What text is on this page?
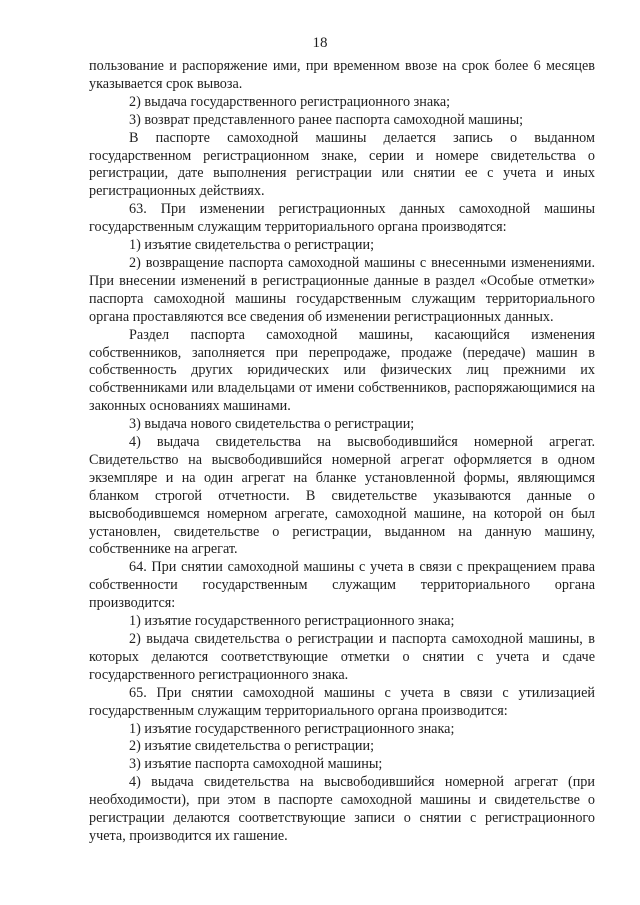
18

пользование и распоряжение ими, при временном ввозе на срок более 6 месяцев указывается срок вывоза.

2) выдача государственного регистрационного знака;

3) возврат представленного ранее паспорта самоходной машины;

В паспорте самоходной машины делается запись о выданном государственном регистрационном знаке, серии и номере свидетельства о регистрации, дате выполнения регистрации или снятии ее с учета и иных регистрационных действиях.

63. При изменении регистрационных данных самоходной машины государственным служащим территориального органа производятся:

1) изъятие свидетельства о регистрации;

2) возвращение паспорта самоходной машины с внесенными изменениями. При внесении изменений в регистрационные данные в раздел «Особые отметки» паспорта самоходной машины государственным служащим территориального органа проставляются все сведения об изменении регистрационных данных.

Раздел паспорта самоходной машины, касающийся изменения собственников, заполняется при перепродаже, продаже (передаче) машин в собственность других юридических или физических лиц прежними их собственниками или владельцами от имени собственников, распоряжающимися на законных основаниях машинами.

3) выдача нового свидетельства о регистрации;

4) выдача свидетельства на высвободившийся номерной агрегат. Свидетельство на высвободившийся номерной агрегат оформляется в одном экземпляре и на один агрегат на бланке установленной формы, являющимся бланком строгой отчетности. В свидетельстве указываются данные о высвободившемся номерном агрегате, самоходной машине, на которой он был установлен, свидетельстве о регистрации, выданном на данную машину, собственнике на агрегат.

64. При снятии самоходной машины с учета в связи с прекращением права собственности государственным служащим территориального органа производится:

1) изъятие государственного регистрационного знака;

2) выдача свидетельства о регистрации и паспорта самоходной машины, в которых делаются соответствующие отметки о снятии с учета и сдаче государственного регистрационного знака.

65. При снятии самоходной машины с учета в связи с утилизацией государственным служащим территориального органа производится:

1) изъятие государственного регистрационного знака;

2) изъятие свидетельства о регистрации;

3) изъятие паспорта самоходной машины;

4) выдача свидетельства на высвободившийся номерной агрегат (при необходимости), при этом в паспорте самоходной машины и свидетельстве о регистрации делаются соответствующие записи о снятии с регистрационного учета, производится их гашение.
